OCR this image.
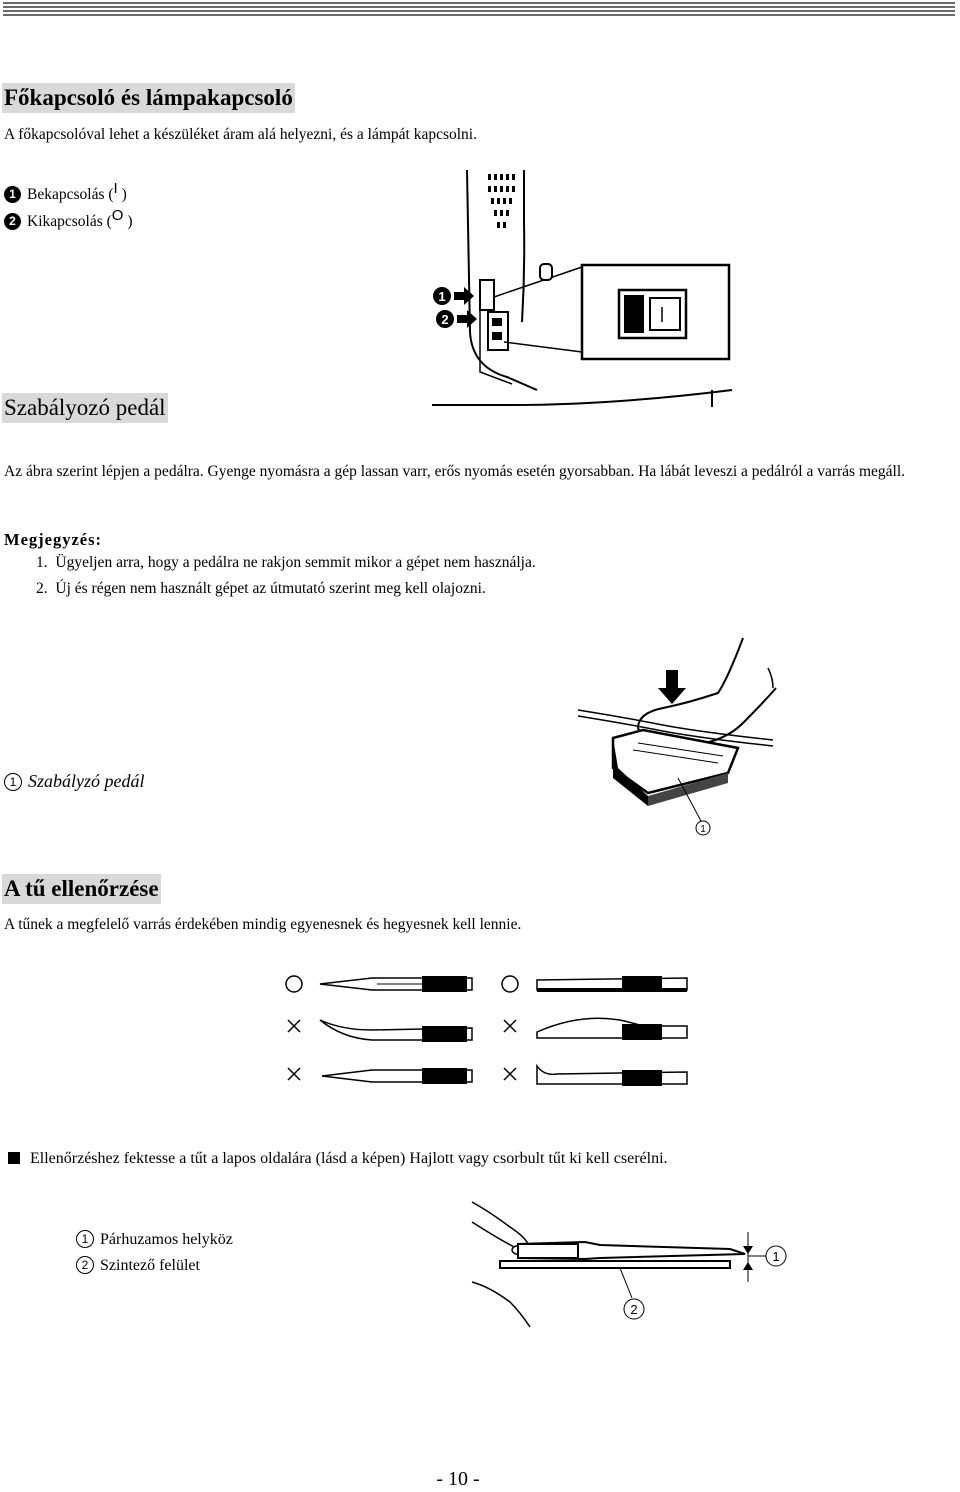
Főkapcsoló és lámpakapcsoló
A főkapcsolóval lehet a készüléket áram alá helyezni, és a lámpát kapcsolni.
1 Bekapcsolás ($^I$ )
2 Kikapcsolás ($^O$ )
1
2
Szabályozó pedál
Az ábra szerint lépjen a pedálra. Gyenge nyomásra a gép lassan varr, erős nyomás esetén gyorsabban. Ha lábát leveszi a pedálról a varrás megáll.
Megjegyzés:
1. Ügyeljen arra, hogy a pedálra ne rakjon semmit mikor a gépet nem használja.
2. Új és régen nem használt gépet az útmutató szerint meg kell olajozni.
1
1 Szabályzó pedál
A tű ellenőrzése
A tűnek a megfelelő varrás érdekében mindig egyenesnek és hegyesnek kell lennie.
Ellenőrzéshez fektesse a tűt a lapos oldalára (lásd a képen) Hajlott vagy csorbult tűt ki kell cserélni.
1 Párhuzamos helyköz
2 Szintező felület
1
2
- 10 -
